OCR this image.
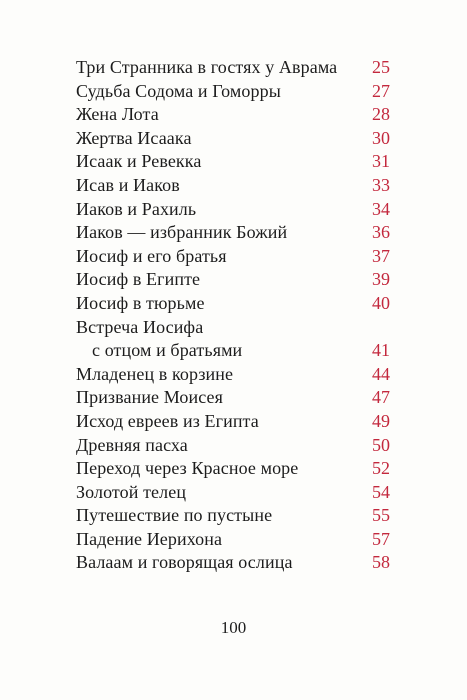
Три Странника в гостях у Аврама	25
Судьба Содома и Гоморры	27
Жена Лота	28
Жертва Исаака	30
Исаак и Ревекка	31
Исав и Иаков	33
Иаков и Рахиль	34
Иаков — избранник Божий	36
Иосиф и его братья	37
Иосиф в Египте	39
Иосиф в тюрьме	40
Встреча Иосифа
с отцом и братьями	41
Младенец в корзине	44
Призвание Моисея	47
Исход евреев из Египта	49
Древняя пасха	50
Переход через Красное море	52
Золотой телец	54
Путешествие по пустыне	55
Падение Иерихона	57
Валаам и говорящая ослица	58
100
